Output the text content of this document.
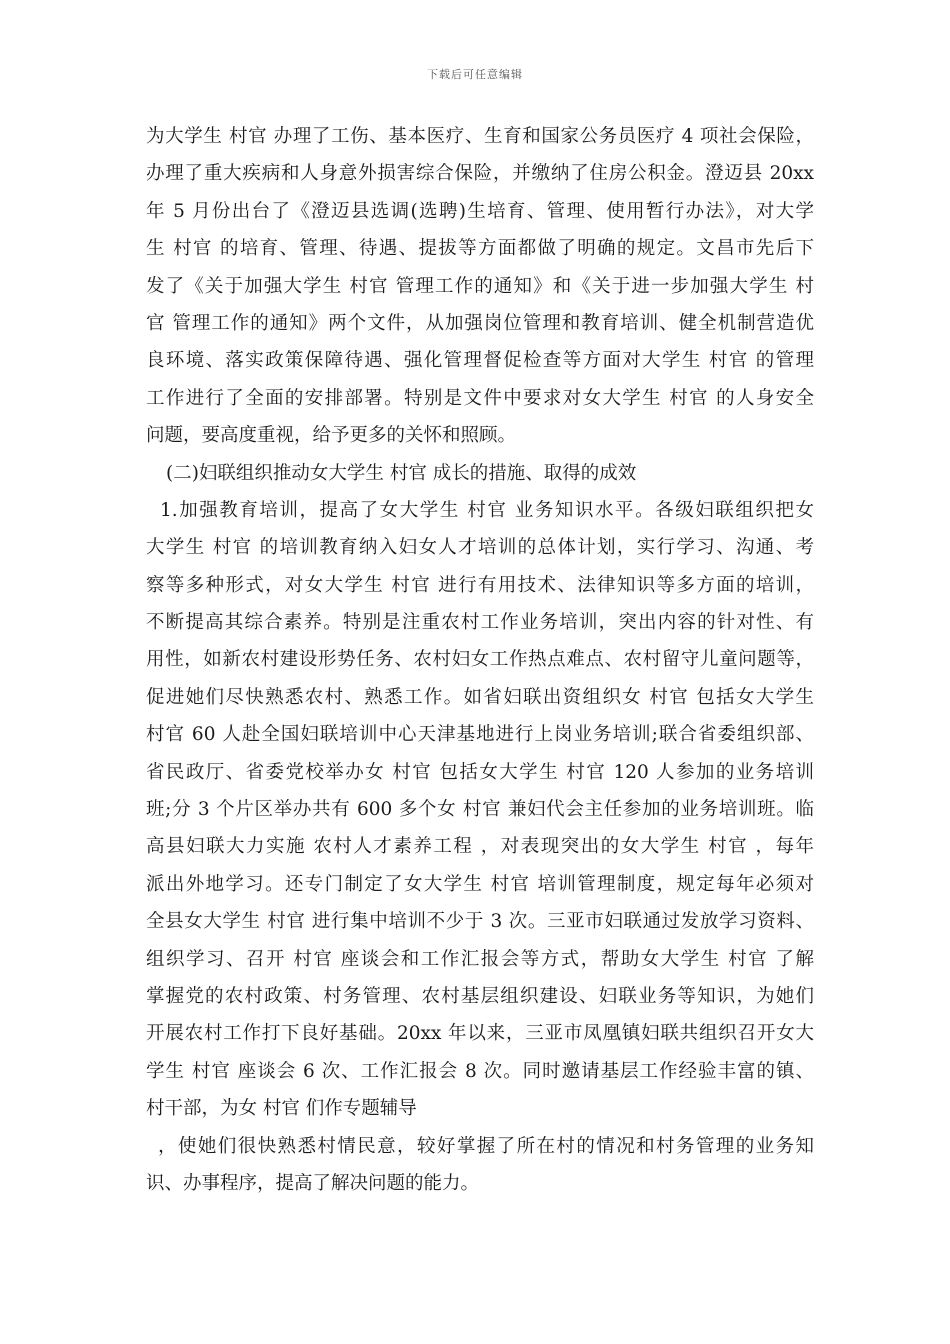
下载后可任意编辑
为大学生 村官 办理了工伤、基本医疗、生育和国家公务员医疗 4 项社会保险，
办理了重大疾病和人身意外损害综合保险，并缴纳了住房公积金。澄迈县 20xx
年 5 月份出台了《澄迈县选调(选聘)生培育、管理、使用暂行办法》，对大学
生 村官 的培育、管理、待遇、提拔等方面都做了明确的规定。文昌市先后下
发了《关于加强大学生 村官 管理工作的通知》和《关于进一步加强大学生 村
官 管理工作的通知》两个文件，从加强岗位管理和教育培训、健全机制营造优
良环境、落实政策保障待遇、强化管理督促检查等方面对大学生 村官 的管理
工作进行了全面的安排部署。特别是文件中要求对女大学生 村官 的人身安全
问题，要高度重视，给予更多的关怀和照顾。
(二)妇联组织推动女大学生 村官 成长的措施、取得的成效
1.加强教育培训，提高了女大学生 村官 业务知识水平。各级妇联组织把女
大学生 村官 的培训教育纳入妇女人才培训的总体计划，实行学习、沟通、考
察等多种形式，对女大学生 村官 进行有用技术、法律知识等多方面的培训，
不断提高其综合素养。特别是注重农村工作业务培训，突出内容的针对性、有
用性，如新农村建设形势任务、农村妇女工作热点难点、农村留守儿童问题等，
促进她们尽快熟悉农村、熟悉工作。如省妇联出资组织女 村官 包括女大学生
村官 60 人赴全国妇联培训中心天津基地进行上岗业务培训;联合省委组织部、
省民政厅、省委党校举办女 村官 包括女大学生 村官 120 人参加的业务培训
班;分 3 个片区举办共有 600 多个女 村官 兼妇代会主任参加的业务培训班。临
高县妇联大力实施 农村人才素养工程 ，对表现突出的女大学生 村官 ，每年
派出外地学习。还专门制定了女大学生 村官 培训管理制度，规定每年必须对
全县女大学生 村官 进行集中培训不少于 3 次。三亚市妇联通过发放学习资料、
组织学习、召开 村官 座谈会和工作汇报会等方式，帮助女大学生 村官 了解
掌握党的农村政策、村务管理、农村基层组织建设、妇联业务等知识，为她们
开展农村工作打下良好基础。20xx 年以来，三亚市凤凰镇妇联共组织召开女大
学生 村官 座谈会 6 次、工作汇报会 8 次。同时邀请基层工作经验丰富的镇、
村干部，为女 村官 们作专题辅导
，使她们很快熟悉村情民意，较好掌握了所在村的情况和村务管理的业务知
识、办事程序，提高了解决问题的能力。
